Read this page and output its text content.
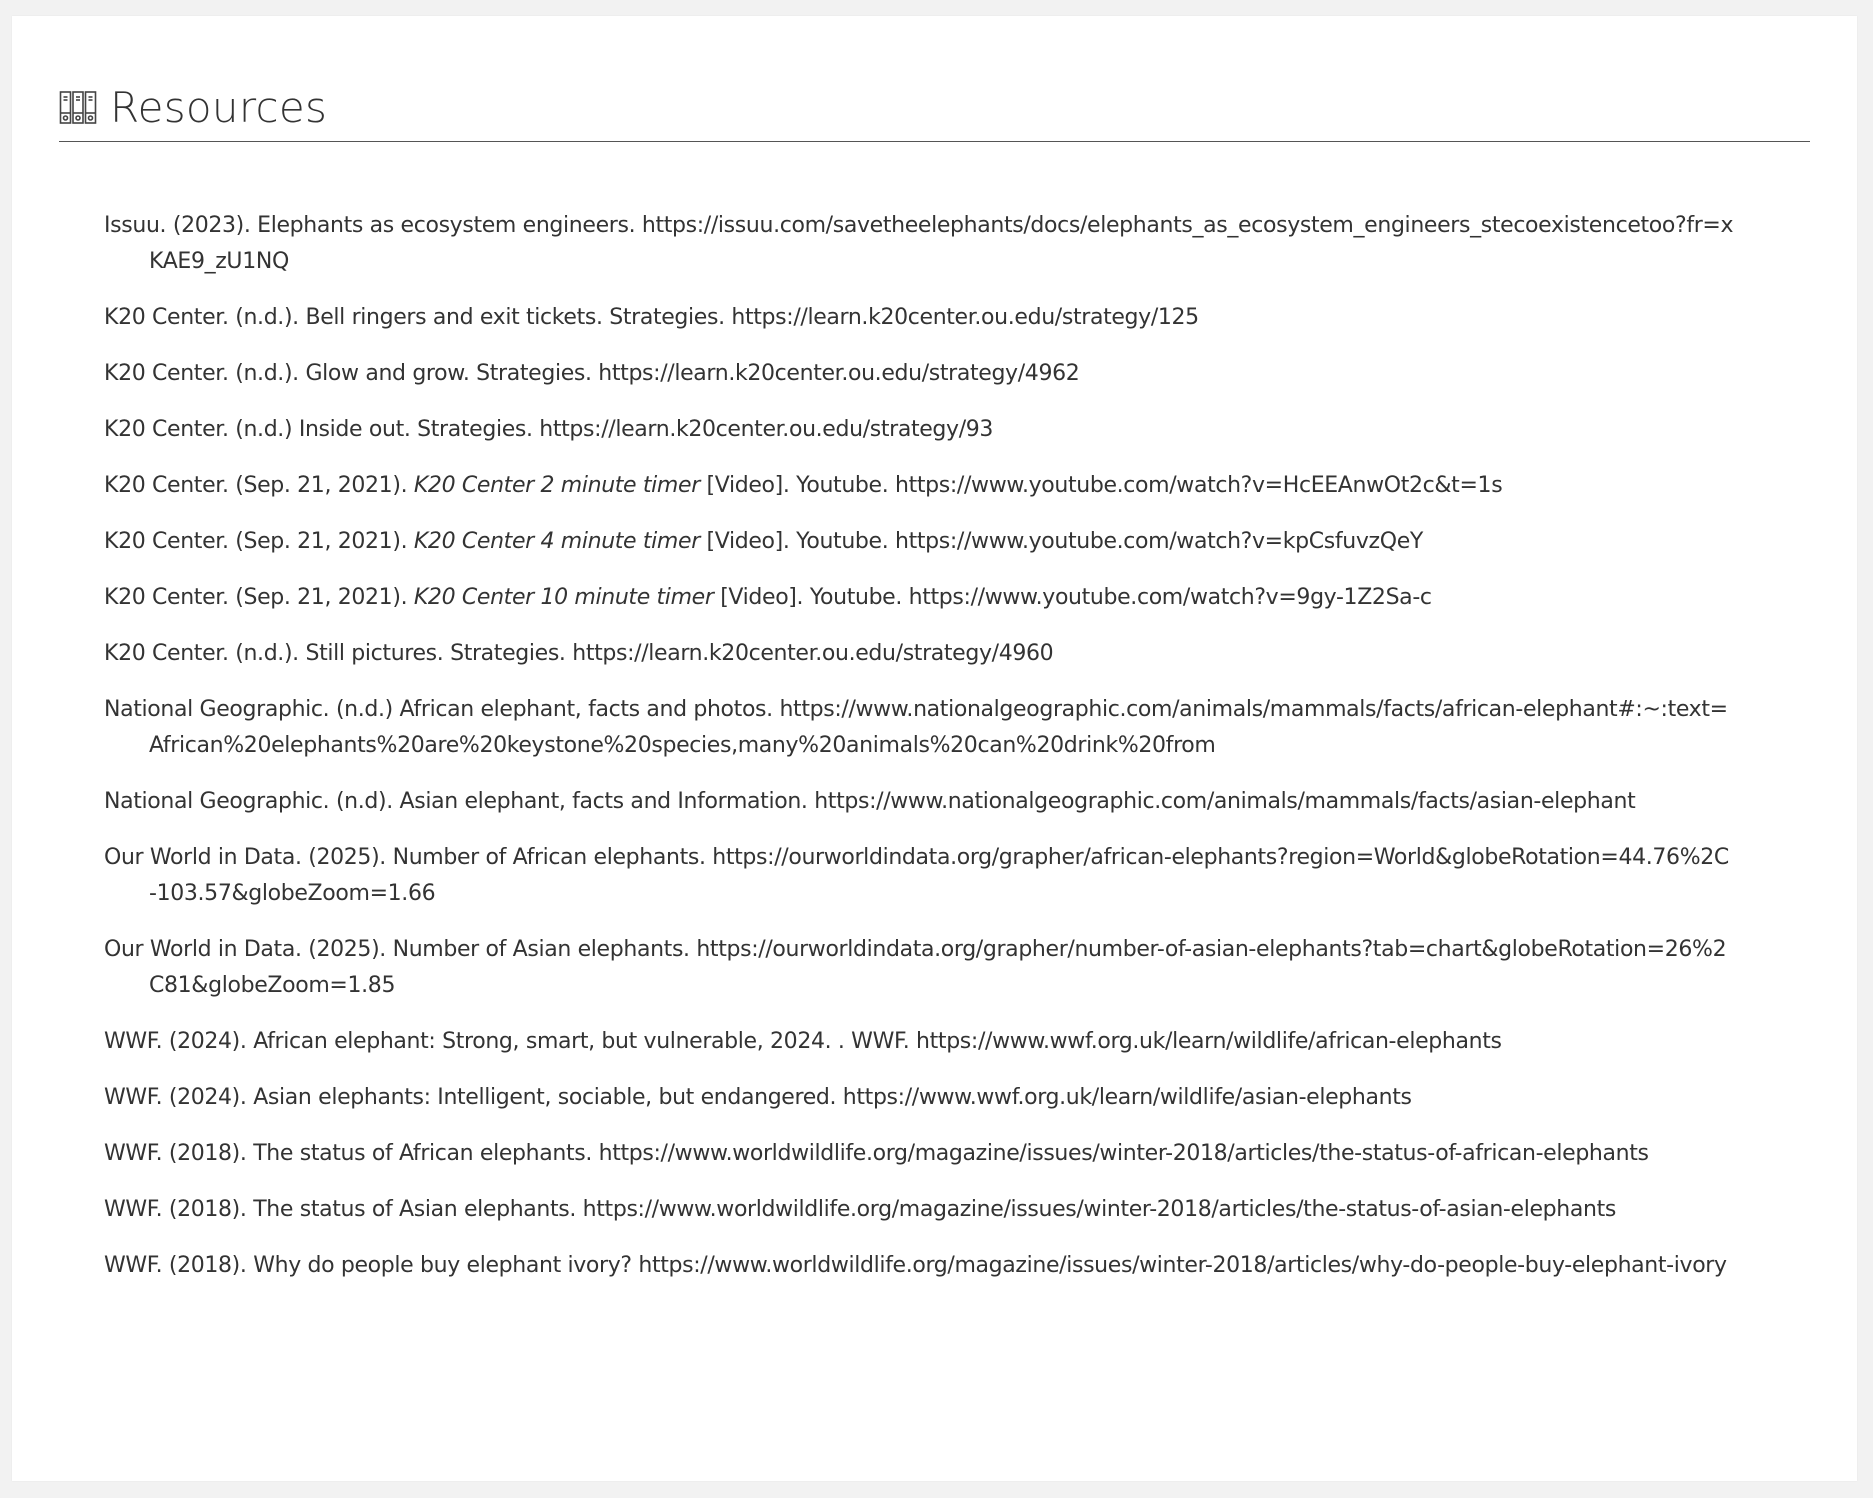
Resources
Issuu. (2023). Elephants as ecosystem engineers. https://issuu.com/savetheelephants/docs/elephants_as_ecosystem_engineers_stecoexistencetoo?fr=xKAE9_zU1NQ
K20 Center. (n.d.). Bell ringers and exit tickets. Strategies. https://learn.k20center.ou.edu/strategy/125
K20 Center. (n.d.). Glow and grow. Strategies. https://learn.k20center.ou.edu/strategy/4962
K20 Center. (n.d.) Inside out. Strategies. https://learn.k20center.ou.edu/strategy/93
K20 Center. (Sep. 21, 2021). K20 Center 2 minute timer [Video]. Youtube. https://www.youtube.com/watch?v=HcEEAnwOt2c&t=1s
K20 Center. (Sep. 21, 2021). K20 Center 4 minute timer [Video]. Youtube. https://www.youtube.com/watch?v=kpCsfuvzQeY
K20 Center. (Sep. 21, 2021). K20 Center 10 minute timer [Video]. Youtube. https://www.youtube.com/watch?v=9gy-1Z2Sa-c
K20 Center. (n.d.). Still pictures. Strategies. https://learn.k20center.ou.edu/strategy/4960
National Geographic. (n.d.) African elephant, facts and photos. https://www.nationalgeographic.com/animals/mammals/facts/african-elephant#:~:text=African%20elephants%20are%20keystone%20species,many%20animals%20can%20drink%20from
National Geographic. (n.d). Asian elephant, facts and Information. https://www.nationalgeographic.com/animals/mammals/facts/asian-elephant
Our World in Data. (2025). Number of African elephants. https://ourworldindata.org/grapher/african-elephants?region=World&globeRotation=44.76%2C-103.57&globeZoom=1.66
Our World in Data. (2025). Number of Asian elephants. https://ourworldindata.org/grapher/number-of-asian-elephants?tab=chart&globeRotation=26%2C81&globeZoom=1.85
WWF. (2024). African elephant: Strong, smart, but vulnerable, 2024. . WWF. https://www.wwf.org.uk/learn/wildlife/african-elephants
WWF. (2024). Asian elephants: Intelligent, sociable, but endangered. https://www.wwf.org.uk/learn/wildlife/asian-elephants
WWF. (2018). The status of African elephants. https://www.worldwildlife.org/magazine/issues/winter-2018/articles/the-status-of-african-elephants
WWF. (2018). The status of Asian elephants. https://www.worldwildlife.org/magazine/issues/winter-2018/articles/the-status-of-asian-elephants
WWF. (2018). Why do people buy elephant ivory? https://www.worldwildlife.org/magazine/issues/winter-2018/articles/why-do-people-buy-elephant-ivory
